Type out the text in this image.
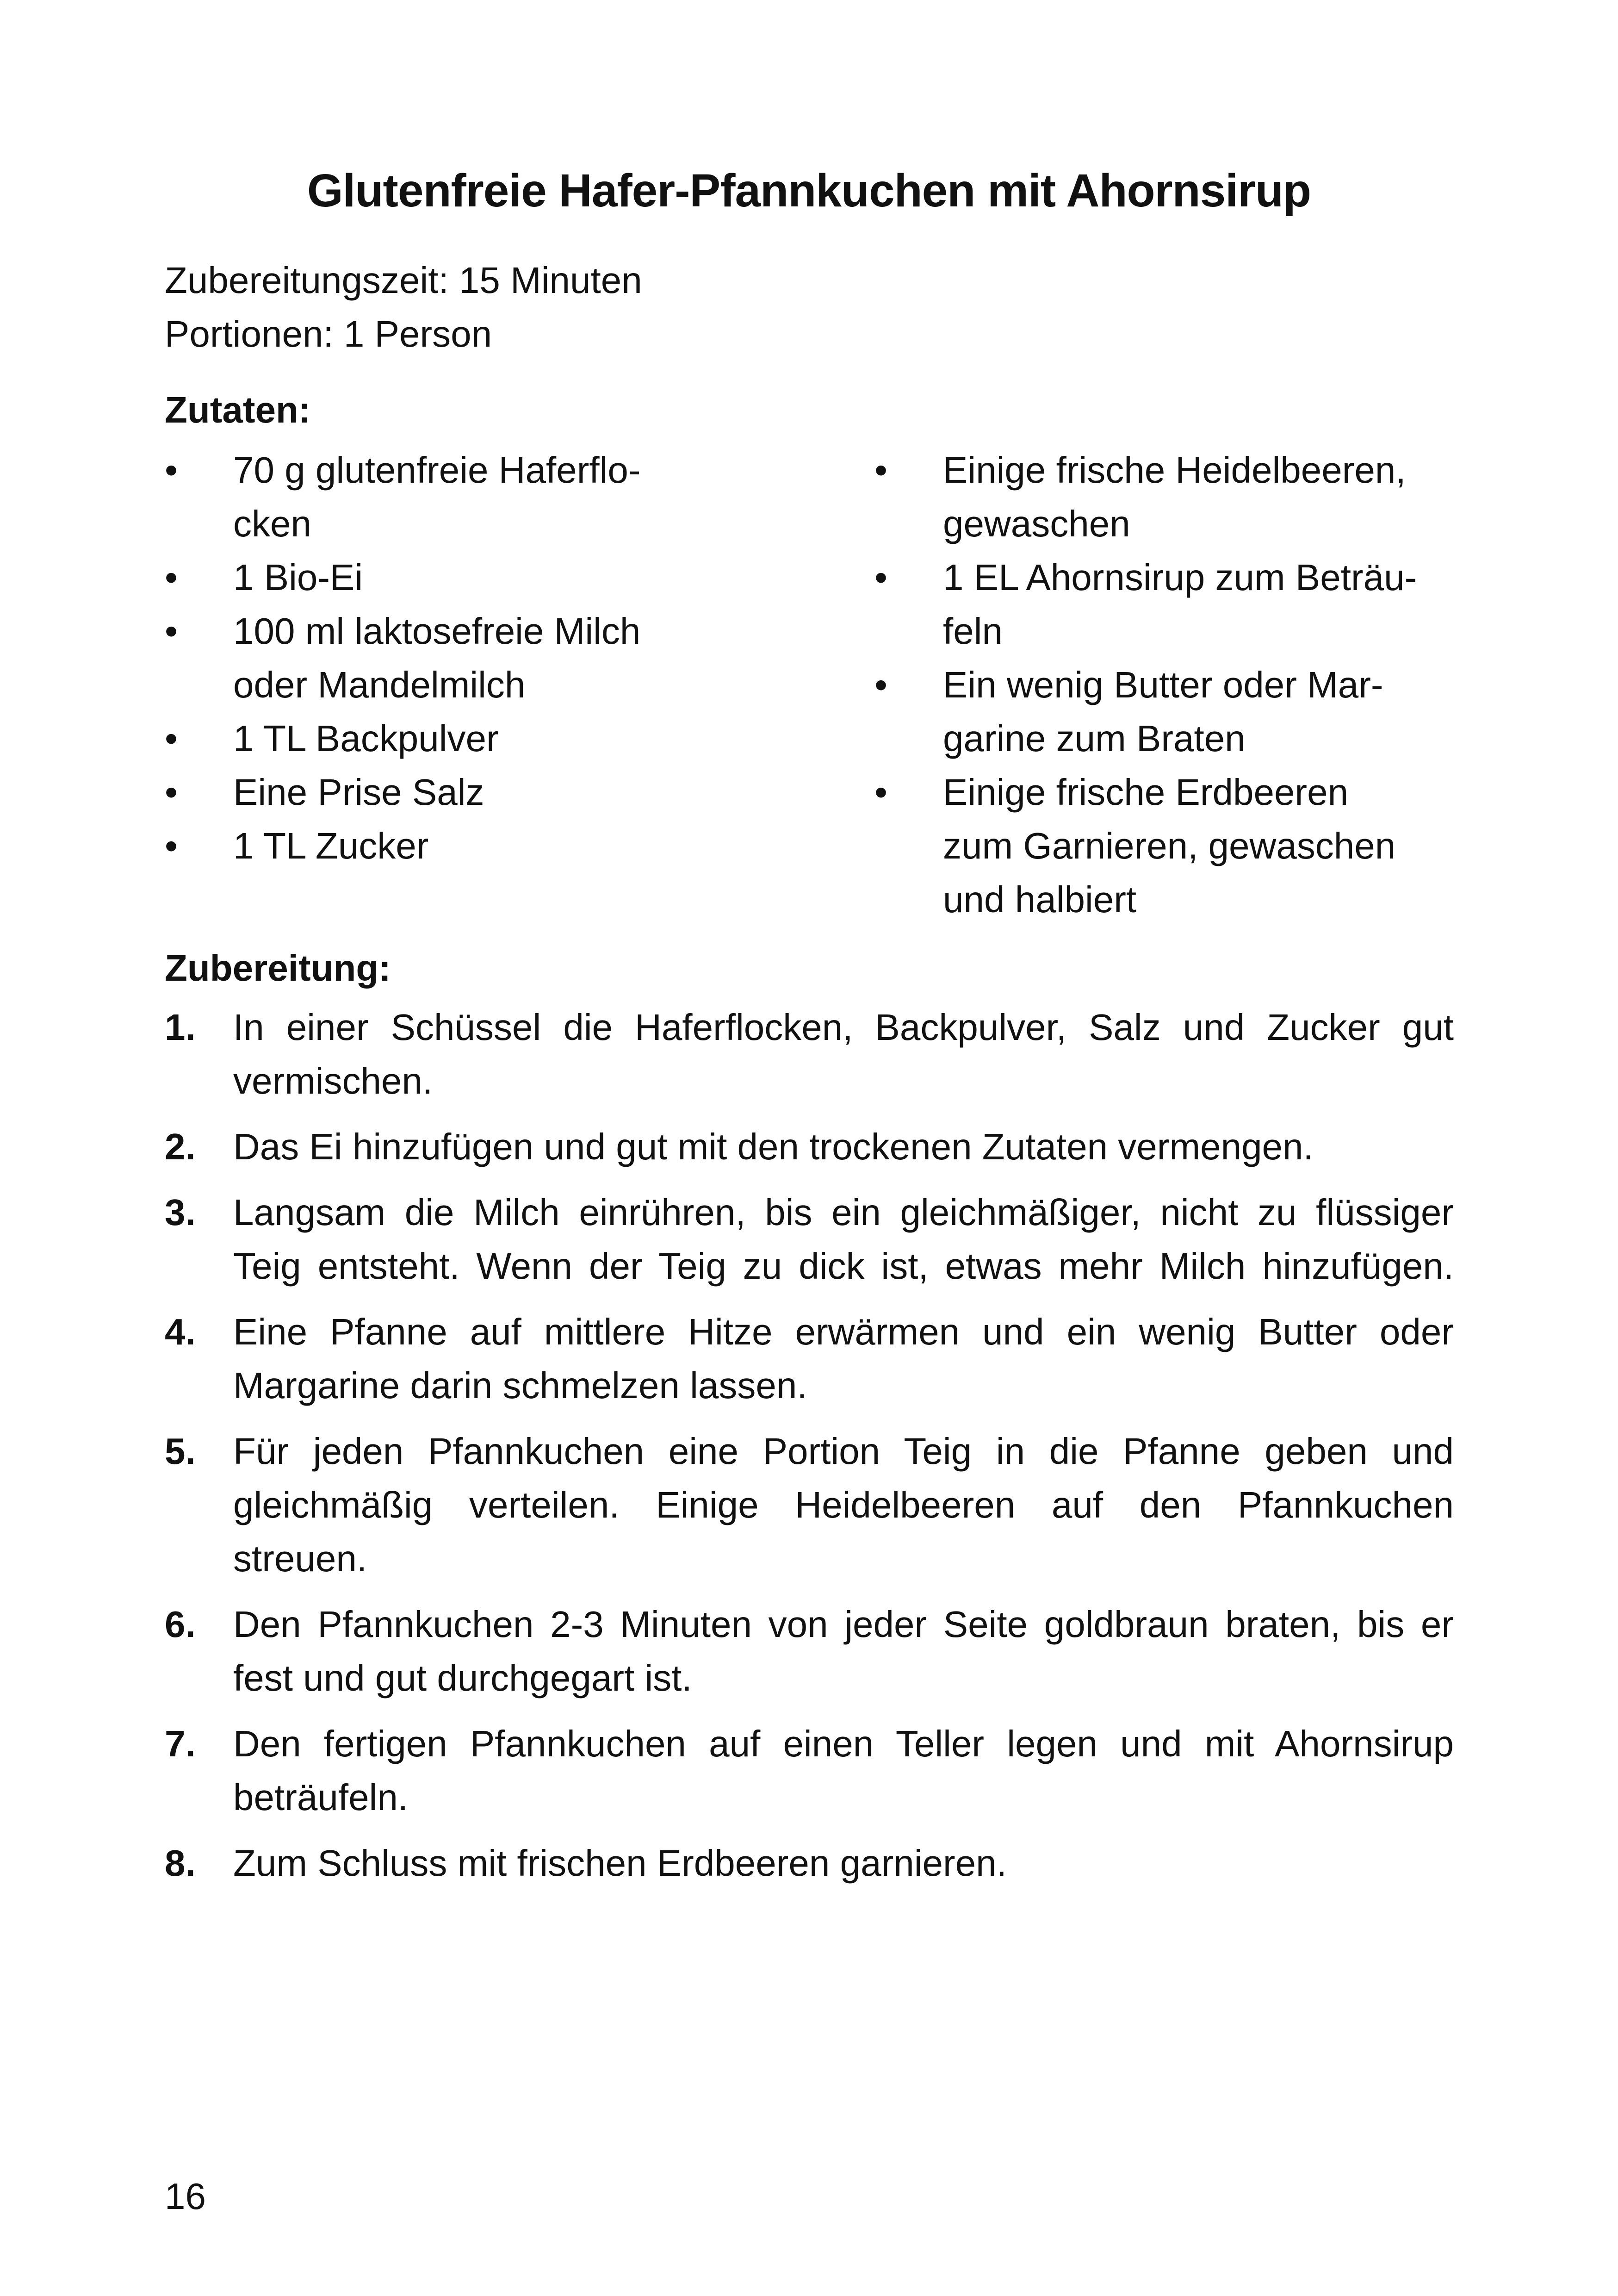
Glutenfreie Hafer-Pfannkuchen mit Ahornsirup
Zubereitungszeit: 15 Minuten
Portionen: 1 Person
Zutaten:
•	70 g glutenfreie Haferflo-
cken
•	1 Bio-Ei
•	100 ml laktosefreie Milch
oder Mandelmilch
•	1 TL Backpulver
•	Eine Prise Salz
•	1 TL Zucker
•	Einige frische Heidelbeeren,
gewaschen
•	1 EL Ahornsirup zum Beträu-
feln
•	Ein wenig Butter oder Mar-
garine zum Braten
•	Einige frische Erdbeeren
zum Garnieren, gewaschen
und halbiert
Zubereitung:
1. In einer Schüssel die Haferflocken, Backpulver, Salz und Zucker gut
vermischen.
2. Das Ei hinzufügen und gut mit den trockenen Zutaten vermengen.
3. Langsam die Milch einrühren, bis ein gleichmäßiger, nicht zu flüssiger
Teig entsteht. Wenn der Teig zu dick ist, etwas mehr Milch hinzufügen.
4. Eine Pfanne auf mittlere Hitze erwärmen und ein wenig Butter oder
Margarine darin schmelzen lassen.
5. Für jeden Pfannkuchen eine Portion Teig in die Pfanne geben und
gleichmäßig verteilen. Einige Heidelbeeren auf den Pfannkuchen
streuen.
6. Den Pfannkuchen 2-3 Minuten von jeder Seite goldbraun braten, bis er
fest und gut durchgegart ist.
7. Den fertigen Pfannkuchen auf einen Teller legen und mit Ahornsirup
beträufeln.
8. Zum Schluss mit frischen Erdbeeren garnieren.
16
